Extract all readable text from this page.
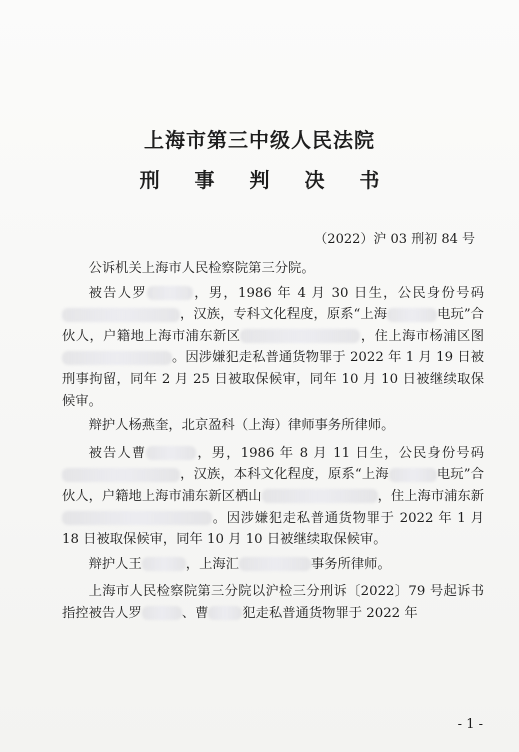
上海市第三中级人民法院
刑 事 判 决 书
（2022）沪 03 刑初 84 号

公诉机关上海市人民检察院第三分院。

被告人罗	，男，1986 年 4 月 30 日生，公民身份号码，汉族，专科文化程度，原系“上海	电玩”合伙人，户籍地上海市浦东新区	，住上海市杨浦区图。因涉嫌犯走私普通货物罪于 2022 年 1 月 19 日被刑事拘留，同年 2 月 25 日被取保候审，同年 10 月 10 日被继续取保候审。

辩护人杨燕奎，北京盈科（上海）律师事务所律师。

被告人曹	，男，1986 年 8 月 11 日生，公民身份号码，汉族，本科文化程度，原系“上海	电玩”合伙人，户籍地上海市浦东新区栖山	，住上海市浦东新。因涉嫌犯走私普通货物罪于 2022 年 1 月 18 日被取保候审，同年 10 月 10 日被继续取保候审。

辩护人王	，上海汇	事务所律师。

上海市人民检察院第三分院以沪检三分刑诉〔2022〕79 号起诉书指控被告人罗	、曹	犯走私普通货物罪于 2022 年

- 1 -
